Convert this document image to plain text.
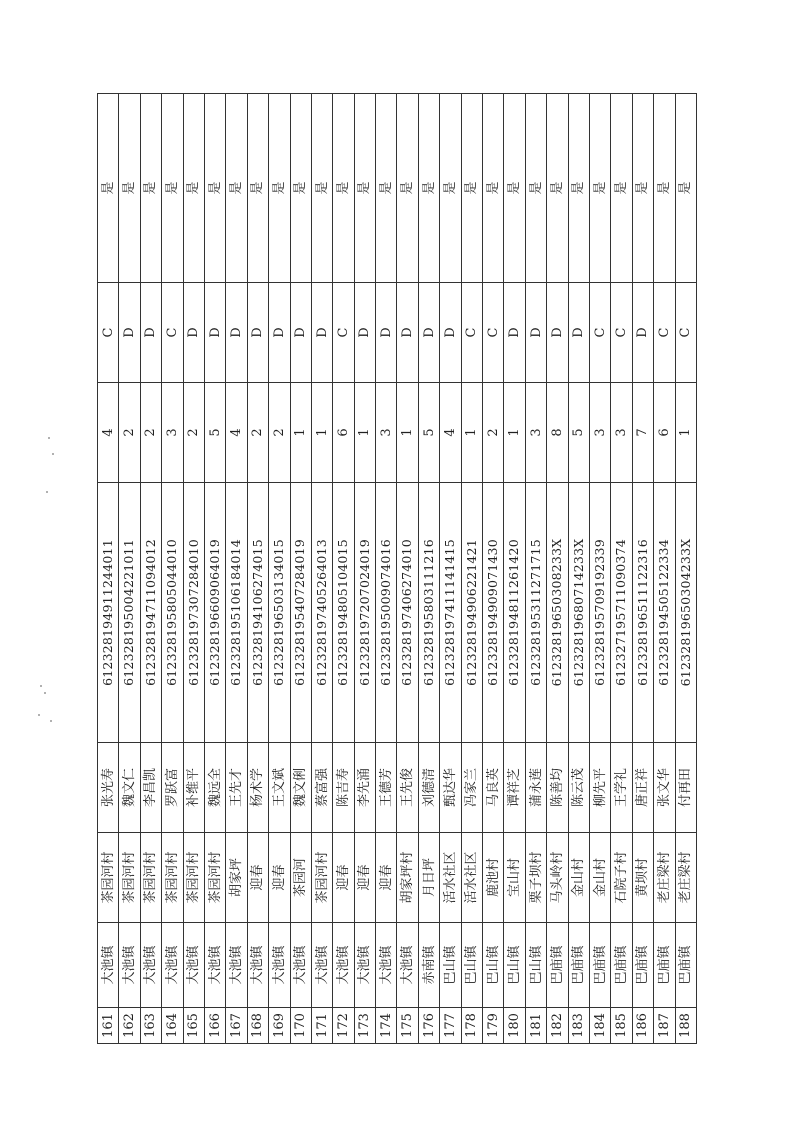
161	大池镇	茶园河村	张光寿	612328194911244011	4	C	是
162	大池镇	茶园河村	魏文仁	612328195004221011	2	D	是
163	大池镇	茶园河村	李昌凯	612328194711094012	2	D	是
164	大池镇	茶园河村	罗跃富	612328195805044010	3	C	是
165	大池镇	茶园河村	补维平	612328197307284010	2	D	是
166	大池镇	茶园河村	魏远全	612328196609064019	5	D	是
167	大池镇	胡家坪	王先才	612328195106184014	4	D	是
168	大池镇	迎春	杨术学	612328194106274015	2	D	是
169	大池镇	迎春	王文斌	612328196503134015	2	D	是
170	大池镇	茶园河	魏文俐	612328195407284019	1	D	是
171	大池镇	茶园河村	蔡富强	612328197405264013	1	D	是
172	大池镇	迎春	陈吉寿	612328194805104015	6	C	是
173	大池镇	迎春	李先涌	612328197207024019	1	D	是
174	大池镇	迎春	王德芳	612328195009074016	3	D	是
175	大池镇	胡家坪村	王先俊	612328197406274010	1	D	是
176	赤南镇	月日坪	刘德清	612328195803111216	5	D	是
177	巴山镇	活水社区	甄达华	612328197411141415	4	D	是
178	巴山镇	活水社区	冯家兰	612328194906221421	1	C	是
179	巴山镇	鹿池村	马良英	612328194909071430	2	C	是
180	巴山镇	宝山村	谭祥芝	612328194811261420	1	D	是
181	巴山镇	栗子坝村	蒲永莲	612328195311271715	3	D	是
182	巴庙镇	马头岭村	陈善均	61232819650308233X	8	D	是
183	巴庙镇	金山村	陈云茂	61232819680714233X	5	D	是
184	巴庙镇	金山村	柳先平	612328195709192339	3	C	是
185	巴庙镇	石院子村	王学礼	612327195711090374	3	C	是
186	巴庙镇	黄坝村	唐正祥	612328196511122316	7	D	是
187	巴庙镇	老庄梁村	张文华	612328194505122334	6	C	是
188	巴庙镇	老庄梁村	付再田	61232819650304233X	1	C	是
